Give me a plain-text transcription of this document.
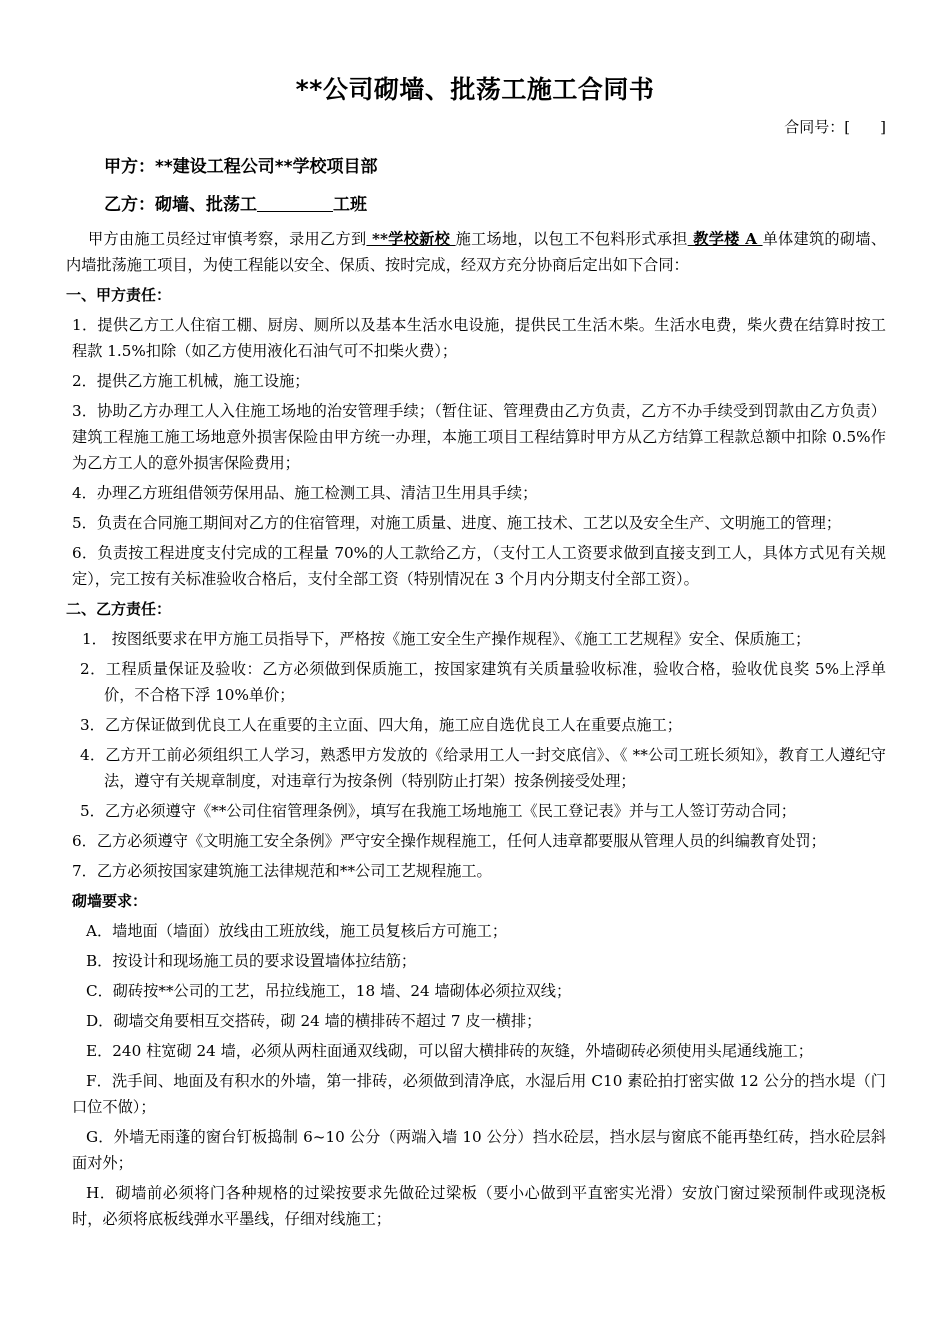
**公司砌墙、批荡工施工合同书
合同号：[　　]
甲方：**建设工程公司**学校项目部
乙方：砌墙、批荡工	工班

甲方由施工员经过审慎考察，录用乙方到 **学校新校 施工场地，以包工不包料形式承担 教学楼 A 单体建筑的砌墙、内墙批荡施工项目，为使工程能以安全、保质、按时完成，经双方充分协商后定出如下合同：

一、甲方责任：

1．提供乙方工人住宿工棚、厨房、厕所以及基本生活水电设施，提供民工生活木柴。生活水电费，柴火费在结算时按工程款 1.5%扣除（如乙方使用液化石油气可不扣柴火费）；

2．提供乙方施工机械，施工设施；

3．协助乙方办理工人入住施工场地的治安管理手续；（暂住证、管理费由乙方负责，乙方不办手续受到罚款由乙方负责）建筑工程施工施工场地意外损害保险由甲方统一办理，本施工项目工程结算时甲方从乙方结算工程款总额中扣除 0.5%作为乙方工人的意外损害保险费用；

4．办理乙方班组借领劳保用品、施工检测工具、清洁卫生用具手续；

5．负责在合同施工期间对乙方的住宿管理，对施工质量、进度、施工技术、工艺以及安全生产、文明施工的管理；

6．负责按工程进度支付完成的工程量 70%的人工款给乙方，（支付工人工资要求做到直接支到工人，具体方式见有关规定），完工按有关标准验收合格后，支付全部工资（特别情况在 3 个月内分期支付全部工资）。

二、乙方责任：

1． 按图纸要求在甲方施工员指导下，严格按《施工安全生产操作规程》、《施工工艺规程》安全、保质施工；

2．工程质量保证及验收：乙方必须做到保质施工，按国家建筑有关质量验收标准，验收合格，验收优良奖 5%上浮单价，不合格下浮 10%单价；

3．乙方保证做到优良工人在重要的主立面、四大角，施工应自选优良工人在重要点施工；

4．乙方开工前必须组织工人学习，熟悉甲方发放的《给录用工人一封交底信》、《 **公司工班长须知》，教育工人遵纪守法，遵守有关规章制度，对违章行为按条例（特别防止打架）按条例接受处理；

5．乙方必须遵守《**公司住宿管理条例》，填写在我施工场地施工《民工登记表》并与工人签订劳动合同；

6．乙方必须遵守《文明施工安全条例》严守安全操作规程施工，任何人违章都要服从管理人员的纠编教育处罚；

7．乙方必须按国家建筑施工法律规范和**公司工艺规程施工。

砌墙要求：

A．墙地面（墙面）放线由工班放线，施工员复核后方可施工；

B．按设计和现场施工员的要求设置墙体拉结筋；

C．砌砖按**公司的工艺，吊拉线施工，18 墙、24 墙砌体必须拉双线；

D．砌墙交角要相互交搭砖，砌 24 墙的横排砖不超过 7 皮一横排；

E．240 柱宽砌 24 墙，必须从两柱面通双线砌，可以留大横排砖的灰缝，外墙砌砖必须使用头尾通线施工；

F．洗手间、地面及有积水的外墙，第一排砖，必须做到清净底，水湿后用 C10 素砼拍打密实做 12 公分的挡水堤（门口位不做）；

G．外墙无雨蓬的窗台钉板捣制 6~10 公分（两端入墙 10 公分）挡水砼层，挡水层与窗底不能再垫红砖，挡水砼层斜面对外；

H．砌墙前必须将门各种规格的过梁按要求先做砼过梁板（要小心做到平直密实光滑）安放门窗过梁预制件或现浇板时，必须将底板线弹水平墨线，仔细对线施工；
